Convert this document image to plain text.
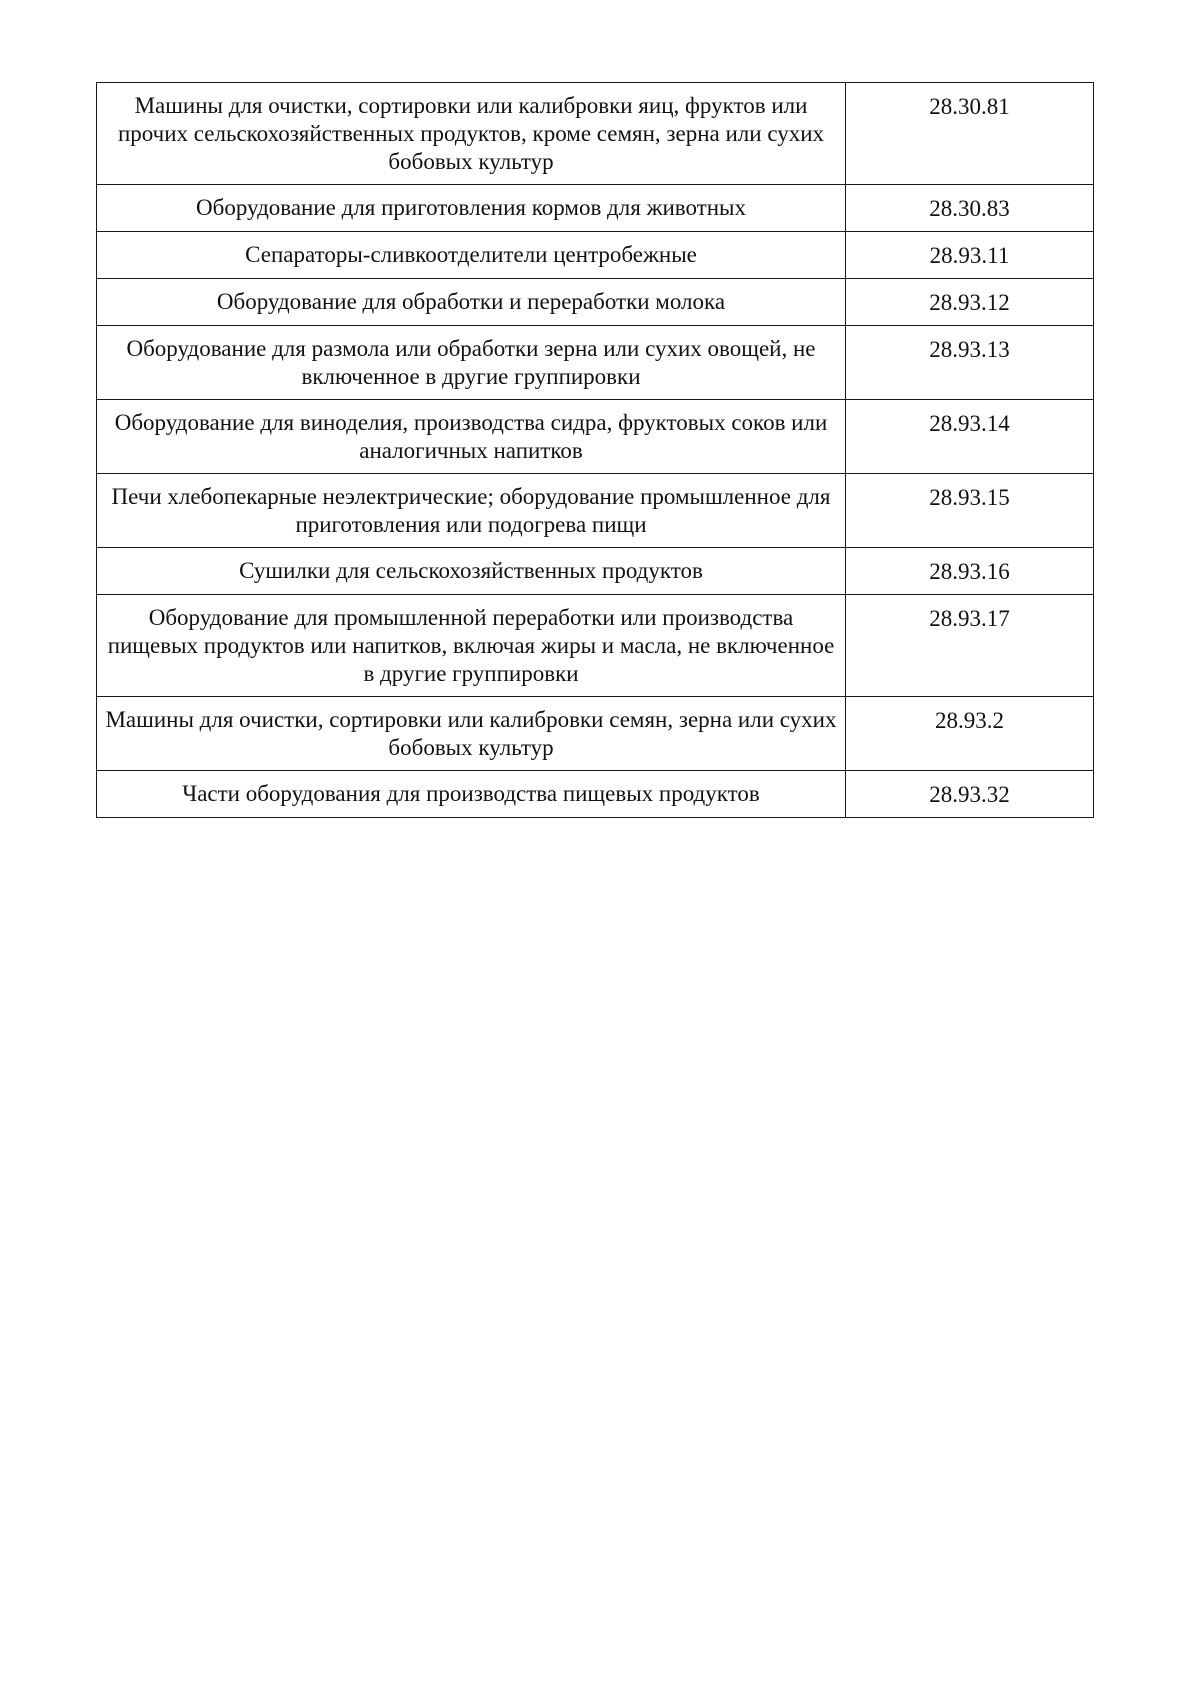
Машины для очистки, сортировки или калибровки яиц, фруктов или прочих сельскохозяйственных продуктов, кроме семян, зерна или сухих бобовых культур	28.30.81
Оборудование для приготовления кормов для животных	28.30.83
Сепараторы-сливкоотделители центробежные	28.93.11
Оборудование для обработки и переработки молока	28.93.12
Оборудование для размола или обработки зерна или сухих овощей, не включенное в другие группировки	28.93.13
Оборудование для виноделия, производства сидра, фруктовых соков или аналогичных напитков	28.93.14
Печи хлебопекарные неэлектрические; оборудование промышленное для приготовления или подогрева пищи	28.93.15
Сушилки для сельскохозяйственных продуктов	28.93.16
Оборудование для промышленной переработки или производства пищевых продуктов или напитков, включая жиры и масла, не включенное в другие группировки	28.93.17
Машины для очистки, сортировки или калибровки семян, зерна или сухих бобовых культур	28.93.2
Части оборудования для производства пищевых продуктов	28.93.32
